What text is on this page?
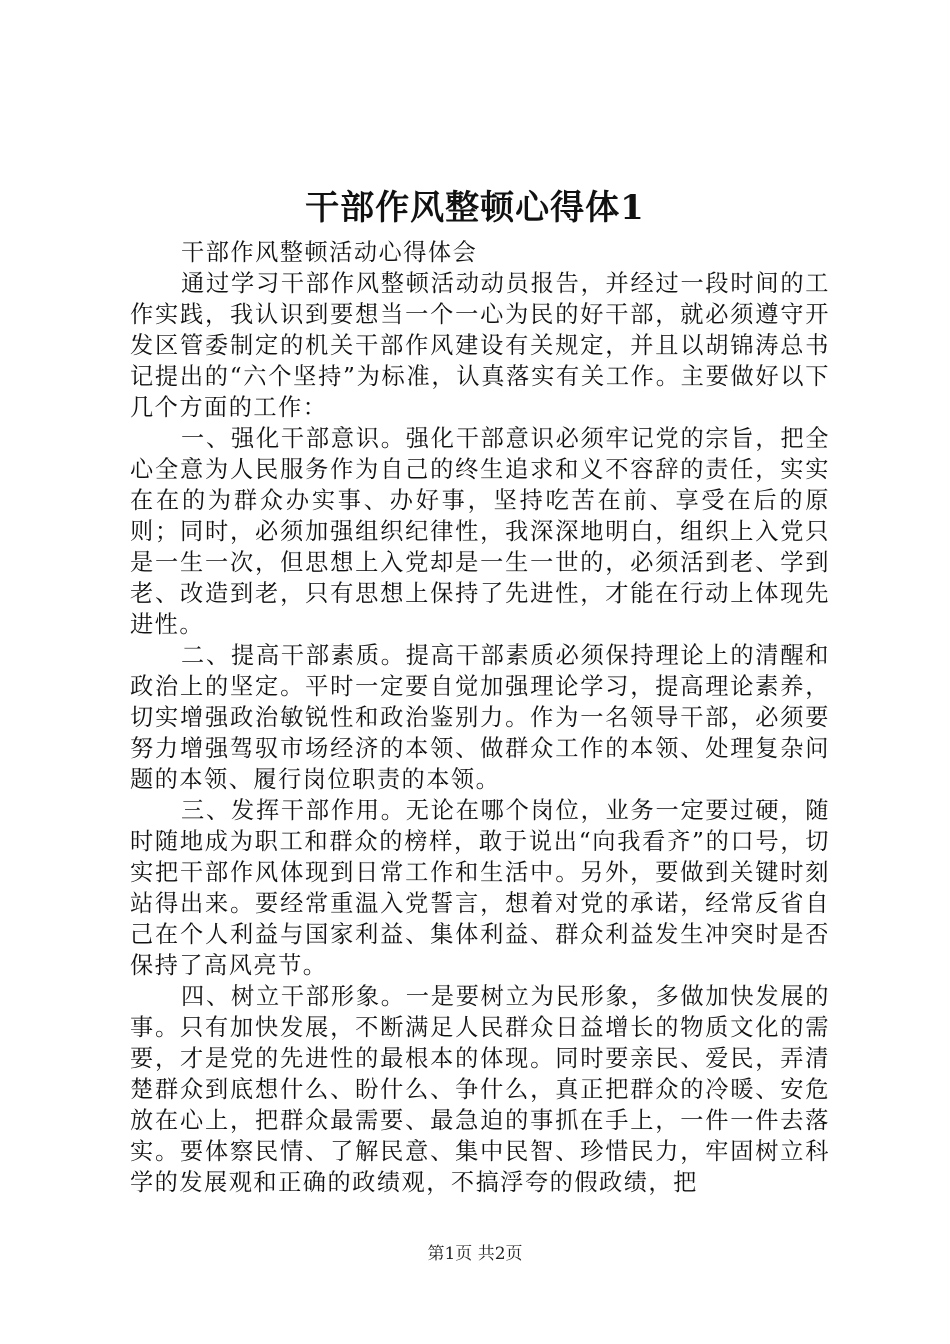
干部作风整顿心得体1

干部作风整顿活动心得体会

通过学习干部作风整顿活动动员报告，并经过一段时间的工作实践，我认识到要想当一个一心为民的好干部，就必须遵守开发区管委制定的机关干部作风建设有关规定，并且以胡锦涛总书记提出的“六个坚持”为标准，认真落实有关工作。主要做好以下几个方面的工作：

一、强化干部意识。强化干部意识必须牢记党的宗旨，把全心全意为人民服务作为自己的终生追求和义不容辞的责任，实实在在的为群众办实事、办好事，坚持吃苦在前、享受在后的原则；同时，必须加强组织纪律性，我深深地明白，组织上入党只是一生一次，但思想上入党却是一生一世的，必须活到老、学到老、改造到老，只有思想上保持了先进性，才能在行动上体现先进性。

二、提高干部素质。提高干部素质必须保持理论上的清醒和政治上的坚定。平时一定要自觉加强理论学习，提高理论素养，切实增强政治敏锐性和政治鉴别力。作为一名领导干部，必须要努力增强驾驭市场经济的本领、做群众工作的本领、处理复杂问题的本领、履行岗位职责的本领。

三、发挥干部作用。无论在哪个岗位，业务一定要过硬，随时随地成为职工和群众的榜样，敢于说出“向我看齐”的口号，切实把干部作风体现到日常工作和生活中。另外，要做到关键时刻站得出来。要经常重温入党誓言，想着对党的承诺，经常反省自己在个人利益与国家利益、集体利益、群众利益发生冲突时是否保持了高风亮节。

四、树立干部形象。一是要树立为民形象，多做加快发展的事。只有加快发展，不断满足人民群众日益增长的物质文化的需要，才是党的先进性的最根本的体现。同时要亲民、爱民，弄清楚群众到底想什么、盼什么、争什么，真正把群众的冷暖、安危放在心上，把群众最需要、最急迫的事抓在手上，一件一件去落实。要体察民情、了解民意、集中民智、珍惜民力，牢固树立科学的发展观和正确的政绩观，不搞浮夸的假政绩，把

第1页 共2页
